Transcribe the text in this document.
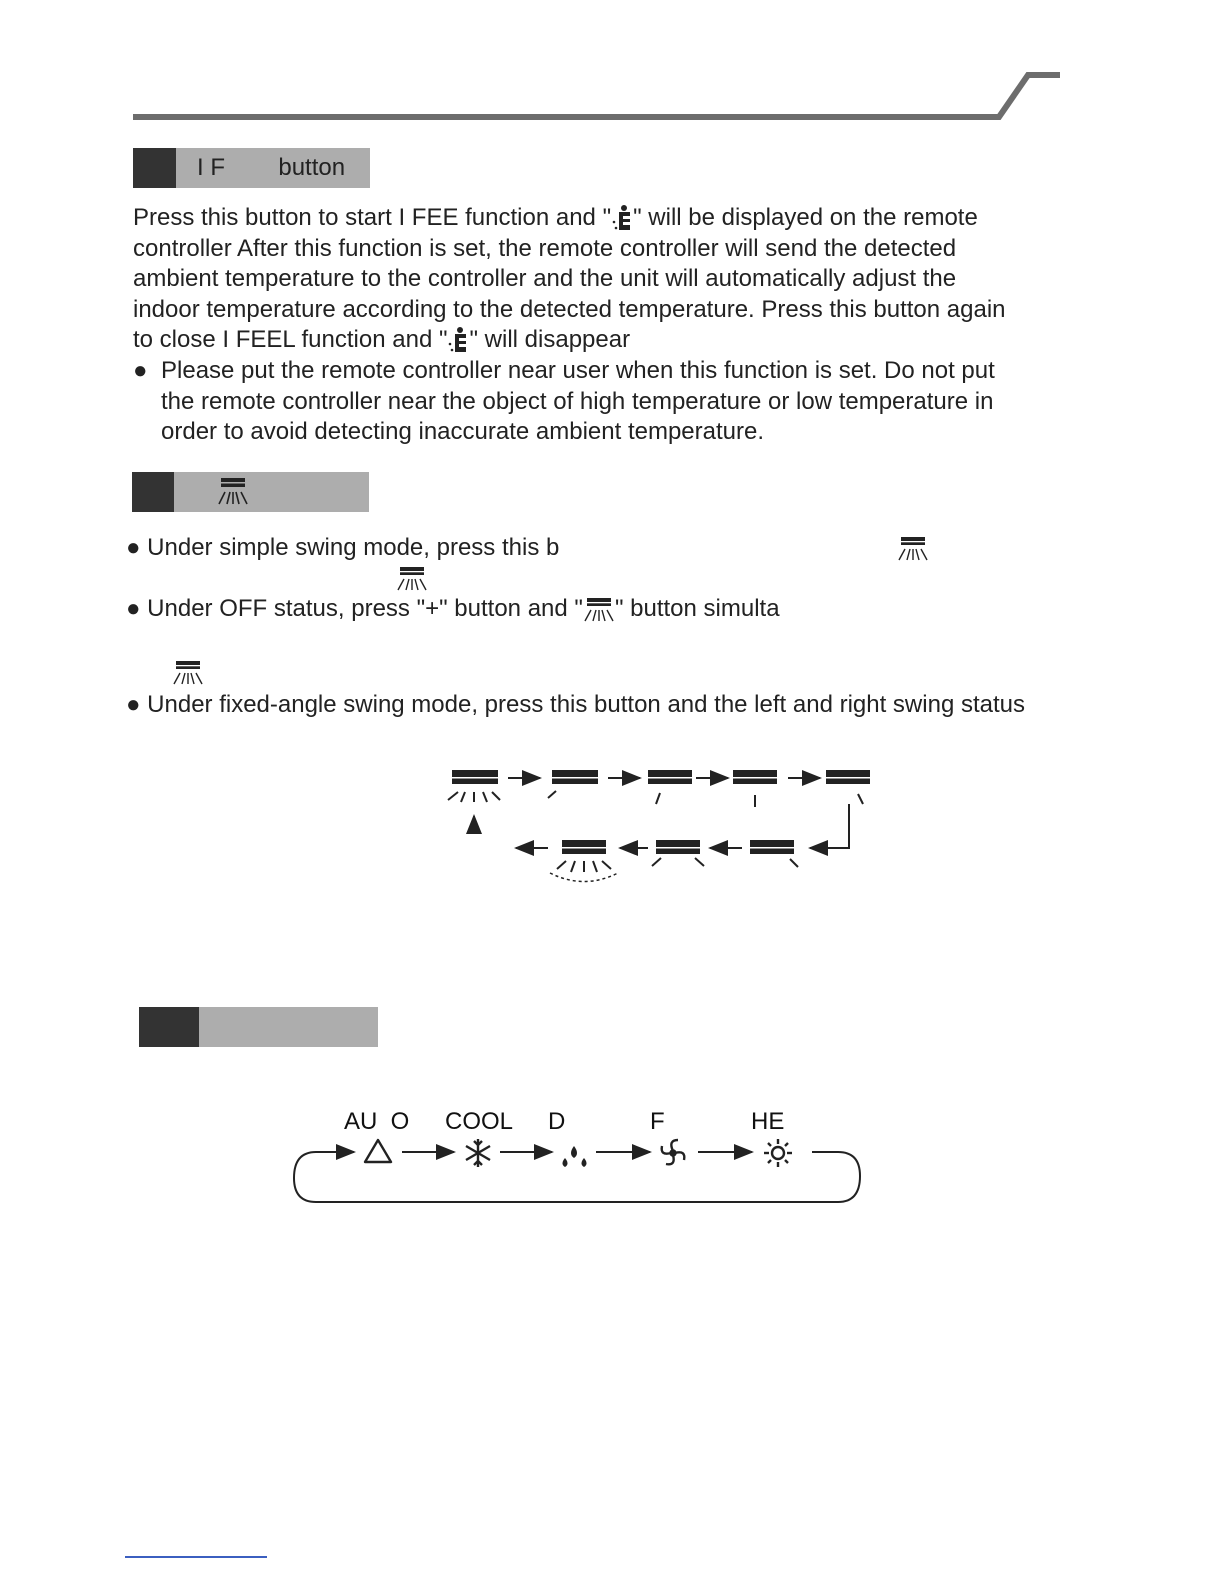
I F        button
Press this button to start I FEE function and " " will be displayed on the remote
controller After this function is set, the remote controller will send the detected
ambient temperature to the controller and the unit will automatically adjust the
indoor temperature according to the detected temperature. Press this button again
to close I FEEL function and " " will disappear
● Please put the remote controller near user when this function is set. Do not put
the remote controller near the object of high temperature or low temperature in
order to avoid detecting inaccurate ambient temperature.
● Under simple swing mode, press this b
● Under OFF status, press "+" button and " " button simulta
● Under fixed-angle swing mode, press this button and the left and right swing status
AU  O COOL D	F	HE
